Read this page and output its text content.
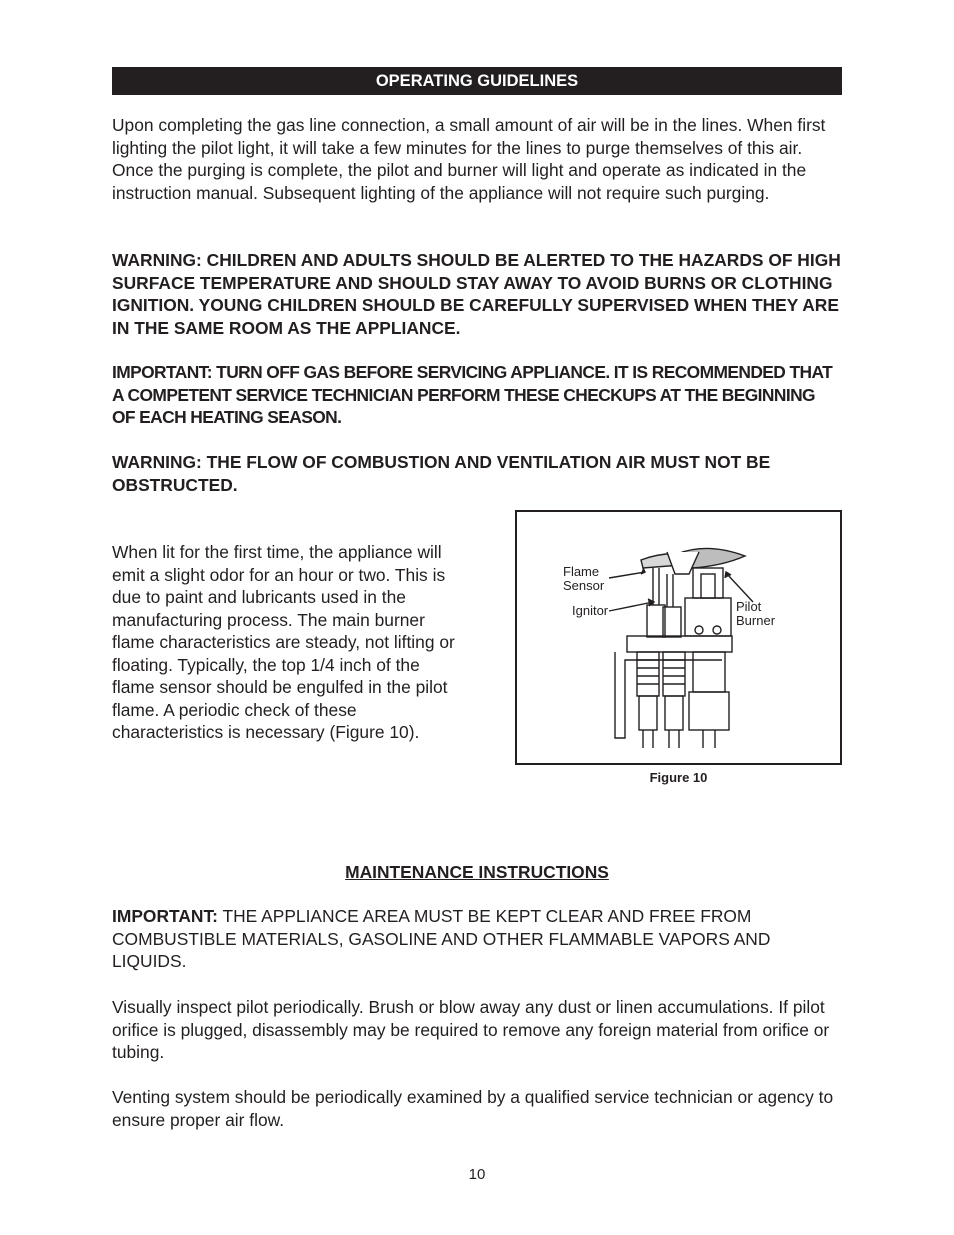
OPERATING GUIDELINES

Upon completing the gas line connection, a small amount of air will be in the lines. When first lighting the pilot light, it will take a few minutes for the lines to purge themselves of this air. Once the purging is complete, the pilot and burner will light and operate as indicated in the instruction manual. Subsequent lighting of the appliance will not require such purging.

WARNING: CHILDREN AND ADULTS SHOULD BE ALERTED TO THE HAZARDS OF HIGH SURFACE TEMPERATURE AND SHOULD STAY AWAY TO AVOID BURNS OR CLOTHING IGNITION. YOUNG CHILDREN SHOULD BE CAREFULLY SUPERVISED WHEN THEY ARE IN THE SAME ROOM AS THE APPLIANCE.

IMPORTANT: TURN OFF GAS BEFORE SERVICING APPLIANCE. IT IS RECOMMENDED THAT A COMPETENT SERVICE TECHNICIAN PERFORM THESE CHECKUPS AT THE BEGINNING OF EACH HEATING SEASON.

WARNING: THE FLOW OF COMBUSTION AND VENTILATION AIR MUST NOT BE OBSTRUCTED.

When lit for the first time, the appliance will emit a slight odor for an hour or two. This is due to paint and lubricants used in the manufacturing process. The main burner flame characteristics are steady, not lifting or floating. Typically, the top 1/4 inch of the flame sensor should be engulfed in the pilot flame. A periodic check of these characteristics is necessary (Figure 10).

Flame
Sensor
Ignitor	Pilot
Burner
Figure 10

MAINTENANCE INSTRUCTIONS

IMPORTANT: THE APPLIANCE AREA MUST BE KEPT CLEAR AND FREE FROM COMBUSTIBLE MATERIALS, GASOLINE AND OTHER FLAMMABLE VAPORS AND LIQUIDS.

Visually inspect pilot periodically. Brush or blow away any dust or linen accumulations. If pilot orifice is plugged, disassembly may be required to remove any foreign material from orifice or tubing.

Venting system should be periodically examined by a qualified service technician or agency to ensure proper air flow.

10
